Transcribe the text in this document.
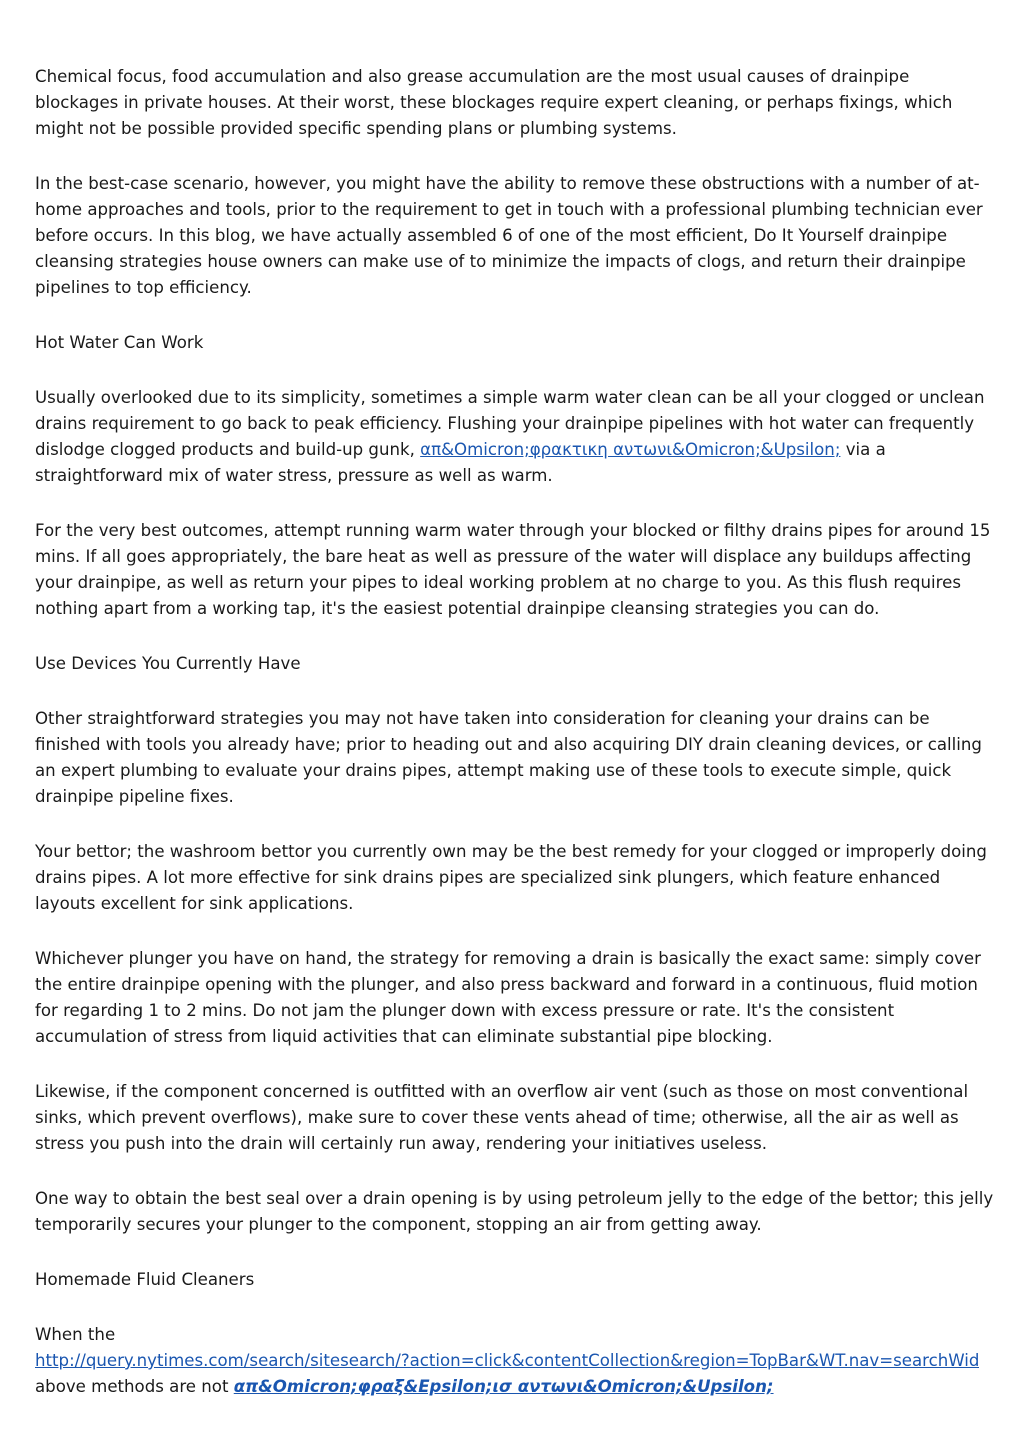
Chemical focus, food accumulation and also grease accumulation are the most usual causes of drainpipe blockages in private houses. At their worst, these blockages require expert cleaning, or perhaps fixings, which might not be possible provided specific spending plans or plumbing systems.

In the best-case scenario, however, you might have the ability to remove these obstructions with a number of at-home approaches and tools, prior to the requirement to get in touch with a professional plumbing technician ever before occurs. In this blog, we have actually assembled 6 of one of the most efficient, Do It Yourself drainpipe cleansing strategies house owners can make use of to minimize the impacts of clogs, and return their drainpipe pipelines to top efficiency.

Hot Water Can Work

Usually overlooked due to its simplicity, sometimes a simple warm water clean can be all your clogged or unclean drains requirement to go back to peak efficiency. Flushing your drainpipe pipelines with hot water can frequently dislodge clogged products and build-up gunk, απ&Omicron;φρακτικη αντωνι&Omicron;&Upsilon; via a straightforward mix of water stress, pressure as well as warm.

For the very best outcomes, attempt running warm water through your blocked or filthy drains pipes for around 15 mins. If all goes appropriately, the bare heat as well as pressure of the water will displace any buildups affecting your drainpipe, as well as return your pipes to ideal working problem at no charge to you. As this flush requires nothing apart from a working tap, it's the easiest potential drainpipe cleansing strategies you can do.

Use Devices You Currently Have

Other straightforward strategies you may not have taken into consideration for cleaning your drains can be finished with tools you already have; prior to heading out and also acquiring DIY drain cleaning devices, or calling an expert plumbing to evaluate your drains pipes, attempt making use of these tools to execute simple, quick drainpipe pipeline fixes.

Your bettor; the washroom bettor you currently own may be the best remedy for your clogged or improperly doing drains pipes. A lot more effective for sink drains pipes are specialized sink plungers, which feature enhanced layouts excellent for sink applications.

Whichever plunger you have on hand, the strategy for removing a drain is basically the exact same: simply cover the entire drainpipe opening with the plunger, and also press backward and forward in a continuous, fluid motion for regarding 1 to 2 mins. Do not jam the plunger down with excess pressure or rate. It's the consistent accumulation of stress from liquid activities that can eliminate substantial pipe blocking.

Likewise, if the component concerned is outfitted with an overflow air vent (such as those on most conventional sinks, which prevent overflows), make sure to cover these vents ahead of time; otherwise, all the air as well as stress you push into the drain will certainly run away, rendering your initiatives useless.

One way to obtain the best seal over a drain opening is by using petroleum jelly to the edge of the bettor; this jelly temporarily secures your plunger to the component, stopping an air from getting away.

Homemade Fluid Cleaners

When the
http://query.nytimes.com/search/sitesearch/?action=click&contentCollection&region=TopBar&WT.nav=searchWid
above methods are not απ&Omicron;φραξ&Epsilon;ισ αντωνι&Omicron;&Upsilon;
